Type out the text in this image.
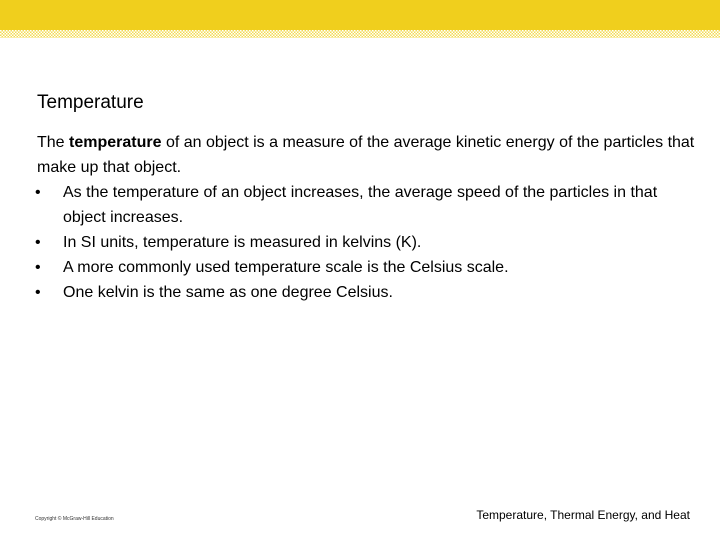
Temperature

The temperature of an object is a measure of the average kinetic energy of the particles that make up that object.

• As the temperature of an object increases, the average speed of the particles in that object increases.
• In SI units, temperature is measured in kelvins (K).
• A more commonly used temperature scale is the Celsius scale.
• One kelvin is the same as one degree Celsius.
Copyright © McGraw-Hill Education	Temperature, Thermal Energy, and Heat
